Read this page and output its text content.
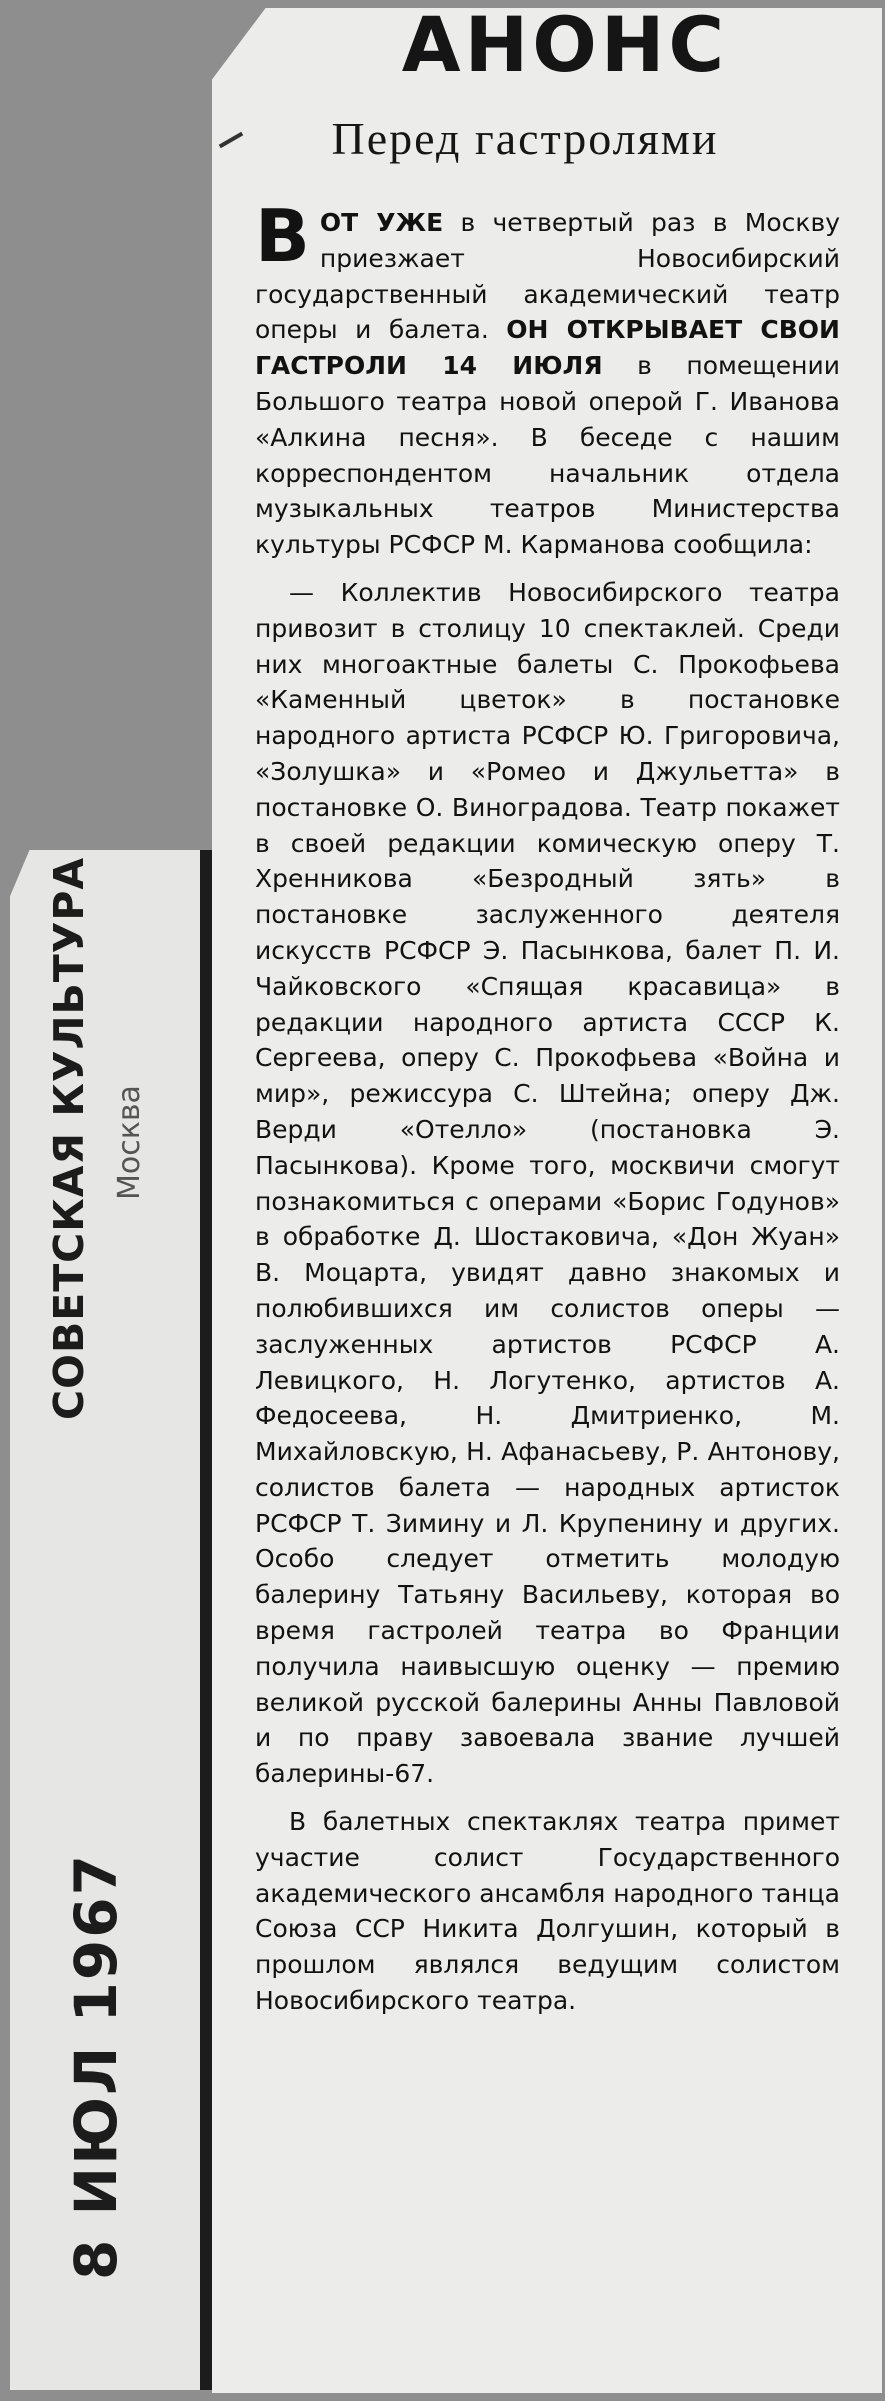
СОВЕТСКАЯ КУЛЬТУРА Москва
8 ИЮЛ 1967
АНОНС
Перед гастролями

ВОТ УЖЕ в четвертый раз в Москву приезжает Новосибирский государственный академический театр оперы и балета. ОН ОТКРЫВАЕТ СВОИ ГАСТРОЛИ 14 ИЮЛЯ в помещении Большого театра новой оперой Г. Иванова «Алкина песня». В беседе с нашим корреспондентом начальник отдела музыкальных театров Министерства культуры РСФСР М. Карманова сообщила:

— Коллектив Новосибирского театра привозит в столицу 10 спектаклей. Среди них многоактные балеты С. Прокофьева «Каменный цветок» в постановке народного артиста РСФСР Ю. Григоровича, «Золушка» и «Ромео и Джульетта» в постановке О. Виноградова. Театр покажет в своей редакции комическую оперу Т. Хренникова «Безродный зять» в постановке заслуженного деятеля искусств РСФСР Э. Пасынкова, балет П. И. Чайковского «Спящая красавица» в редакции народного артиста СССР К. Сергеева, оперу С. Прокофьева «Война и мир», режиссура С. Штейна; оперу Дж. Верди «Отелло» (постановка Э. Пасынкова). Кроме того, москвичи смогут познакомиться с операми «Борис Годунов» в обработке Д. Шостаковича, «Дон Жуан» В. Моцарта, увидят давно знакомых и полюбившихся им солистов оперы — заслуженных артистов РСФСР А. Левицкого, Н. Логутенко, артистов А. Федосеева, Н. Дмитриенко, М. Михайловскую, Н. Афанасьеву, Р. Антонову, солистов балета — народных артисток РСФСР Т. Зимину и Л. Крупенину и других. Особо следует отметить молодую балерину Татьяну Васильеву, которая во время гастролей театра во Франции получила наивысшую оценку — премию великой русской балерины Анны Павловой и по праву завоевала звание лучшей балерины-67.

В балетных спектаклях театра примет участие солист Государственного академического ансамбля народного танца Союза ССР Никита Долгушин, который в прошлом являлся ведущим солистом Новосибирского театра.
